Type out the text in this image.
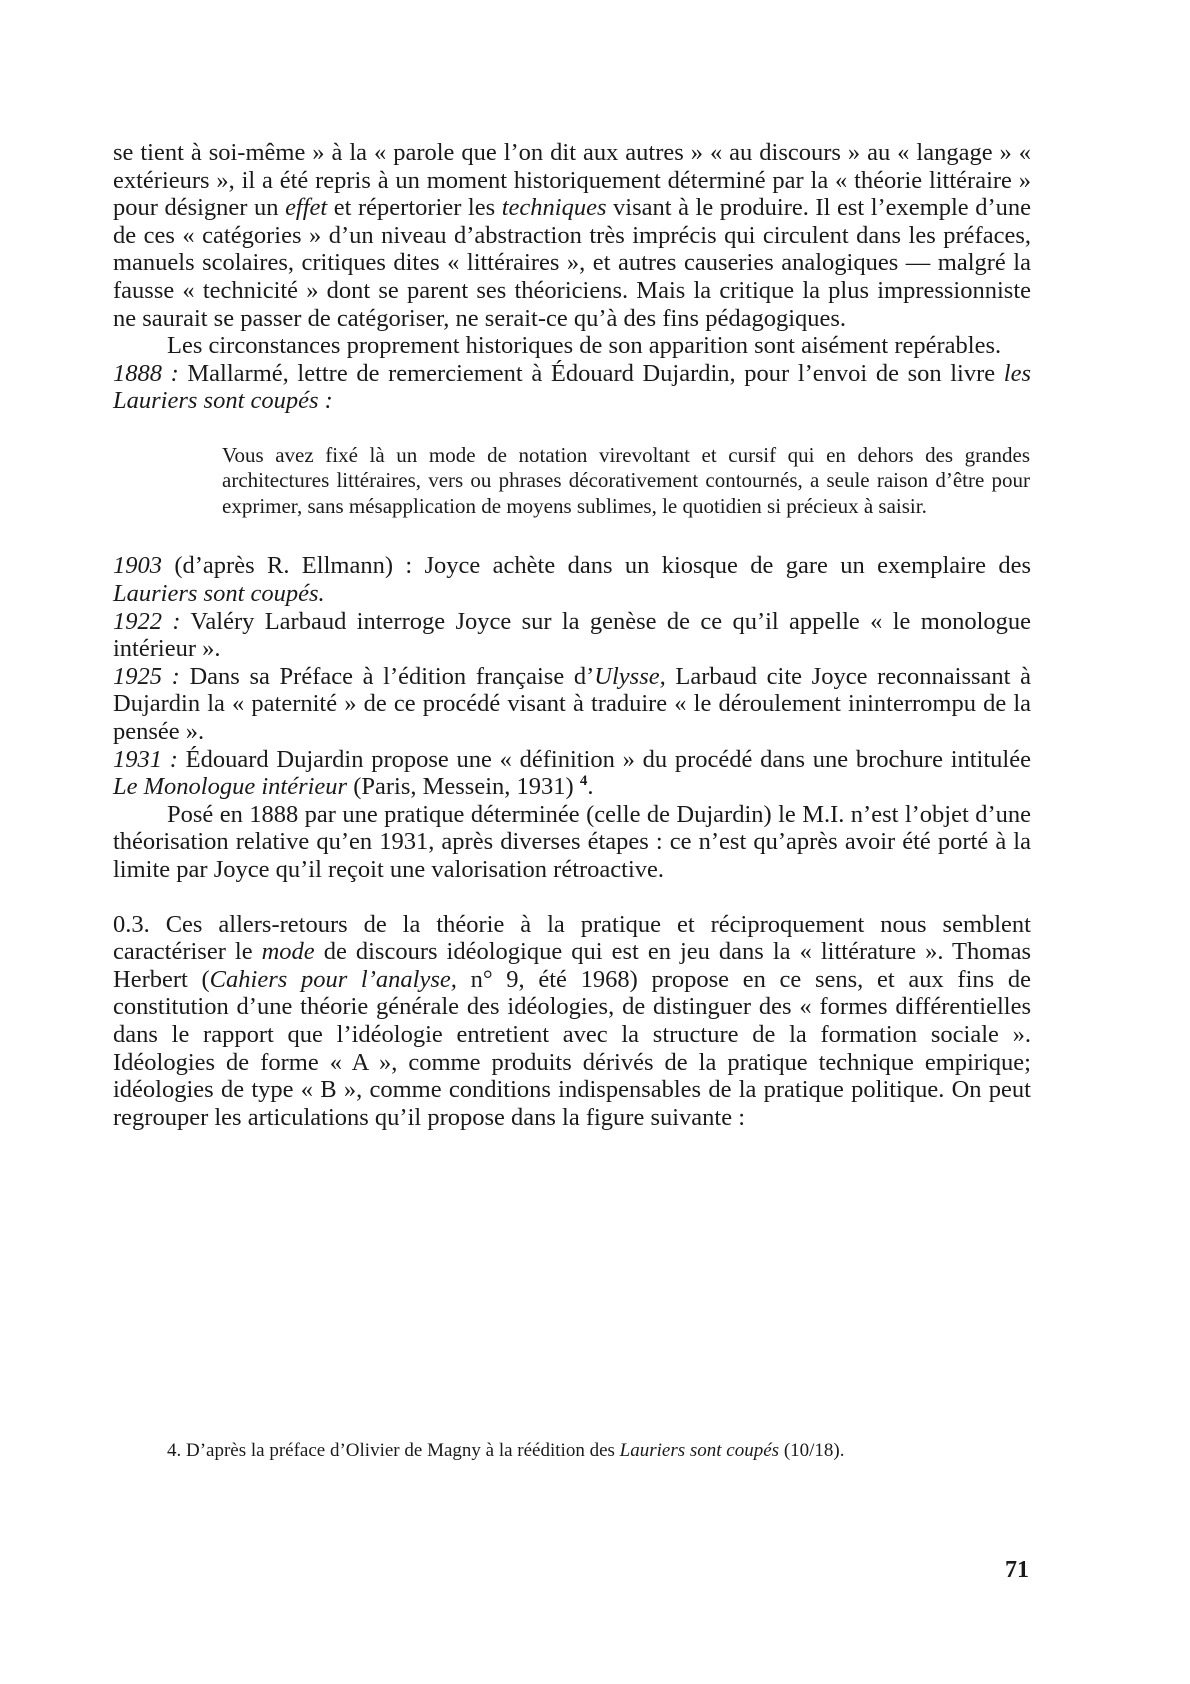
se tient à soi-même » à la « parole que l’on dit aux autres » « au discours » au « langage » « extérieurs », il a été repris à un moment historiquement déterminé par la « théorie littéraire » pour désigner un effet et répertorier les techniques visant à le produire. Il est l’exemple d’une de ces « catégories » d’un niveau d’abstraction très imprécis qui circulent dans les préfaces, manuels scolaires, critiques dites « littéraires », et autres causeries analogiques — malgré la fausse « technicité » dont se parent ses théoriciens. Mais la critique la plus impressionniste ne saurait se passer de catégoriser, ne serait-ce qu’à des fins pédagogiques.

Les circonstances proprement historiques de son apparition sont aisément repérables.

1888 : Mallarmé, lettre de remerciement à Édouard Dujardin, pour l’envoi de son livre les Lauriers sont coupés :

Vous avez fixé là un mode de notation virevoltant et cursif qui en dehors des grandes architectures littéraires, vers ou phrases décorativement contournés, a seule raison d’être pour exprimer, sans mésapplication de moyens sublimes, le quotidien si précieux à saisir.

1903 (d’après R. Ellmann) : Joyce achète dans un kiosque de gare un exemplaire des Lauriers sont coupés.

1922 : Valéry Larbaud interroge Joyce sur la genèse de ce qu’il appelle « le monologue intérieur ».

1925 : Dans sa Préface à l’édition française d’Ulysse, Larbaud cite Joyce reconnaissant à Dujardin la « paternité » de ce procédé visant à traduire « le déroulement ininterrompu de la pensée ».

1931 : Édouard Dujardin propose une « définition » du procédé dans une brochure intitulée Le Monologue intérieur (Paris, Messein, 1931) $^4$.

Posé en 1888 par une pratique déterminée (celle de Dujardin) le M.I. n’est l’objet d’une théorisation relative qu’en 1931, après diverses étapes : ce n’est qu’après avoir été porté à la limite par Joyce qu’il reçoit une valorisation rétroactive.

0.3. Ces allers-retours de la théorie à la pratique et réciproquement nous semblent caractériser le mode de discours idéologique qui est en jeu dans la « littérature ». Thomas Herbert (Cahiers pour l’analyse, n° 9, été 1968) propose en ce sens, et aux fins de constitution d’une théorie générale des idéologies, de distinguer des « formes différentielles dans le rapport que l’idéologie entretient avec la structure de la formation sociale ». Idéologies de forme « A », comme produits dérivés de la pratique technique empirique; idéologies de type « B », comme conditions indispensables de la pratique politique. On peut regrouper les articulations qu’il propose dans la figure suivante :

4. D’après la préface d’Olivier de Magny à la réédition des Lauriers sont coupés (10/18).
71
